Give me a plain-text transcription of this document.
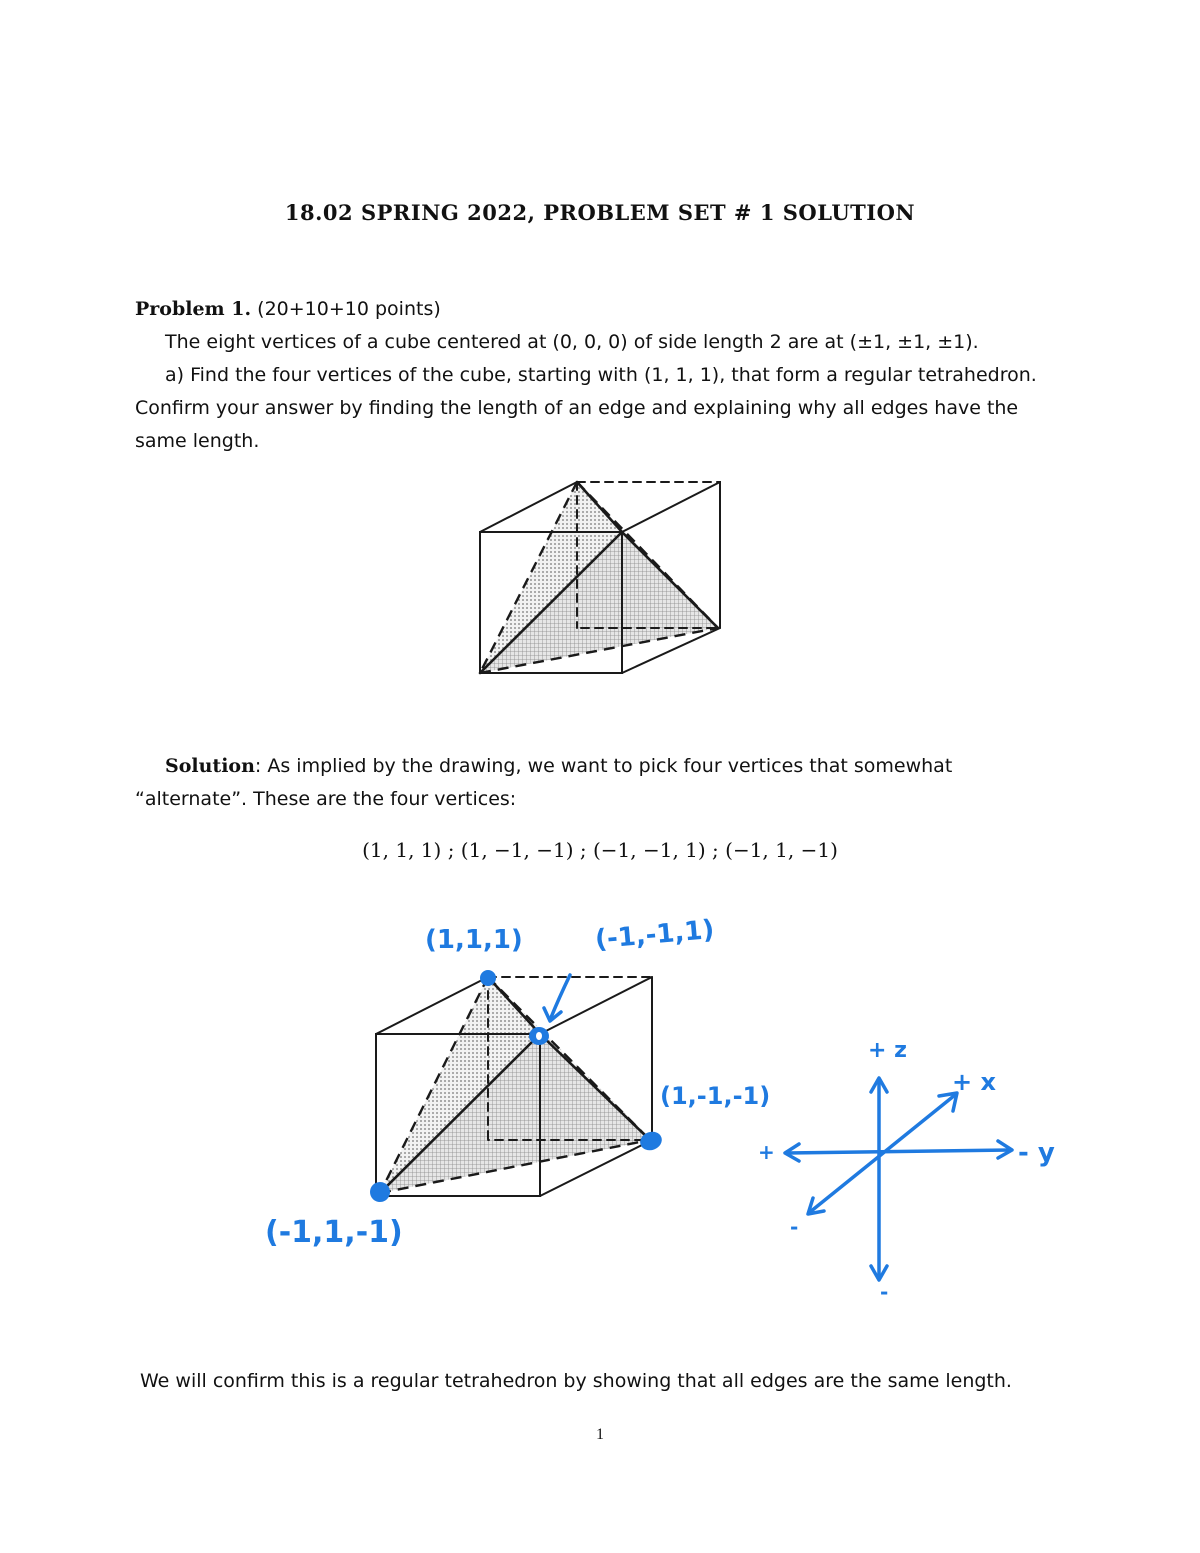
18.02 SPRING 2022, PROBLEM SET # 1 SOLUTION
Problem 1. (20+10+10 points)
The eight vertices of a cube centered at (0, 0, 0) of side length 2 are at (±1, ±1, ±1).
a) Find the four vertices of the cube, starting with (1, 1, 1), that form a regular tetrahedron.
Confirm your answer by finding the length of an edge and explaining why all edges have the
same length.
Solution: As implied by the drawing, we want to pick four vertices that somewhat
“alternate”. These are the four vertices:
(1, 1, 1) ; (1, −1, −1) ; (−1, −1, 1) ; (−1, 1, −1)
(1,1,1)	(-1,-1,1)
(1,-1,-1)
(-1,1,-1)
+ z
+ x
- y
+
-
-
We will confirm this is a regular tetrahedron by showing that all edges are the same length.
1
